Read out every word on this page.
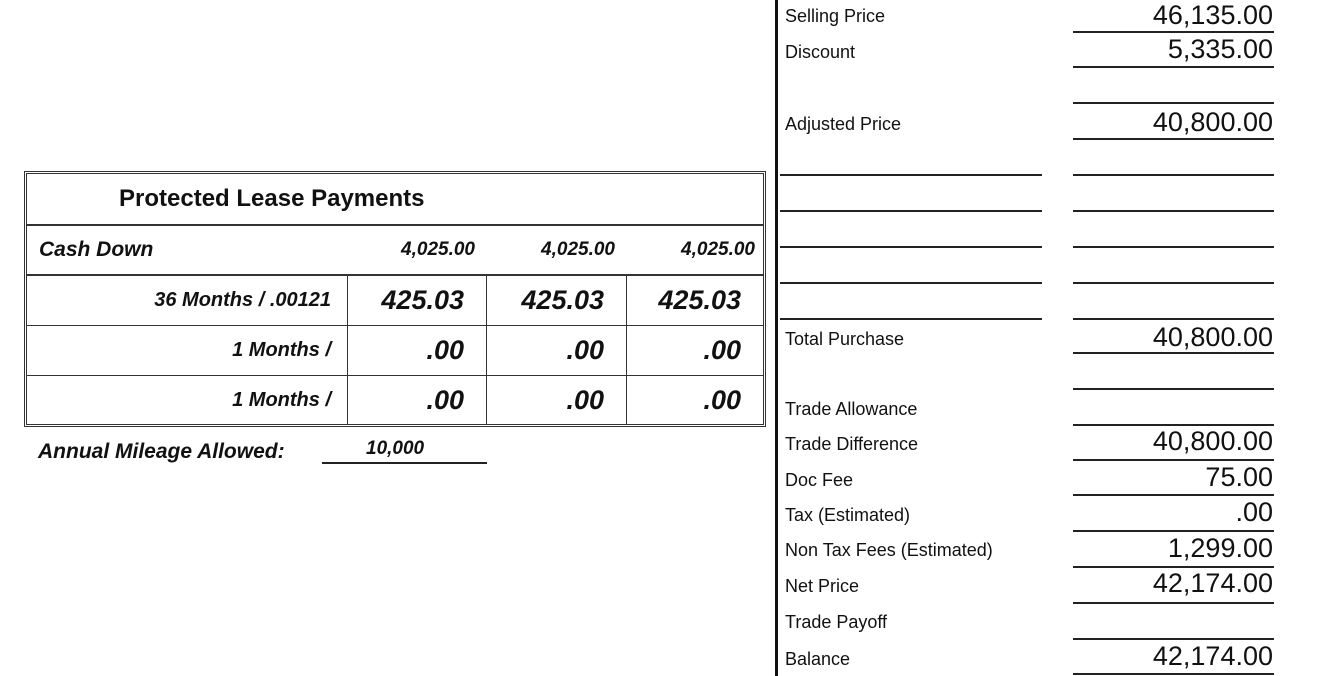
Protected Lease Payments
Cash Down	4,025.00	4,025.00	4,025.00
36 Months / .00121	425.03	425.03	425.03
1 Months /	.00	.00	.00
1 Months /	.00	.00	.00
Annual Mileage Allowed:	10,000
Selling Price	46,135.00
Discount	5,335.00
Adjusted Price	40,800.00
Total Purchase	40,800.00
Trade Allowance
Trade Difference	40,800.00
Doc Fee	75.00
Tax (Estimated)	.00
Non Tax Fees (Estimated)	1,299.00
Net Price	42,174.00
Trade Payoff
Balance	42,174.00
